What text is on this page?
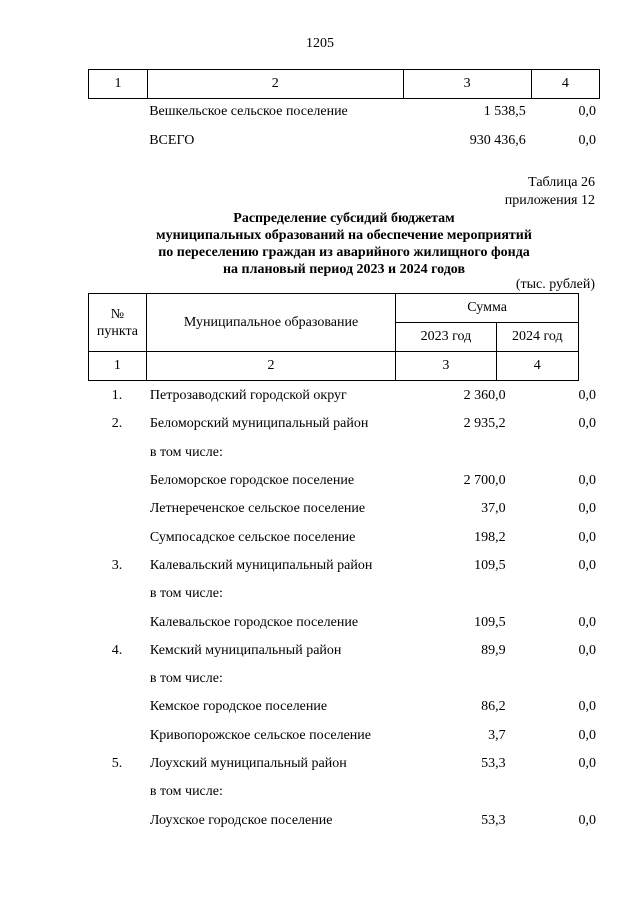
1205
1	2	3	4
	Вешкельское сельское поселение	1 538,5	0,0
	ВСЕГО	930 436,6	0,0
Таблица 26
приложения 12
Распределение субсидий бюджетам
муниципальных образований на обеспечение мероприятий
по переселению граждан из аварийного жилищного фонда
на плановый период 2023 и 2024 годов
(тыс. рублей)
№ пункта	Муниципальное образование	Сумма	
		2023 год	2024 год
1	2	3	4
1.	Петрозаводский городской округ	2 360,0	0,0
2.	Беломорский муниципальный район	2 935,2	0,0
	в том числе:		
	Беломорское городское поселение	2 700,0	0,0
	Летнереченское сельское поселение	37,0	0,0
	Сумпосадское сельское поселение	198,2	0,0
3.	Калевальский муниципальный район	109,5	0,0
	в том числе:		
	Калевальское городское поселение	109,5	0,0
4.	Кемский муниципальный район	89,9	0,0
	в том числе:		
	Кемское городское поселение	86,2	0,0
	Кривопорожское сельское поселение	3,7	0,0
5.	Лоухский муниципальный район	53,3	0,0
	в том числе:		
	Лоухское городское поселение	53,3	0,0
